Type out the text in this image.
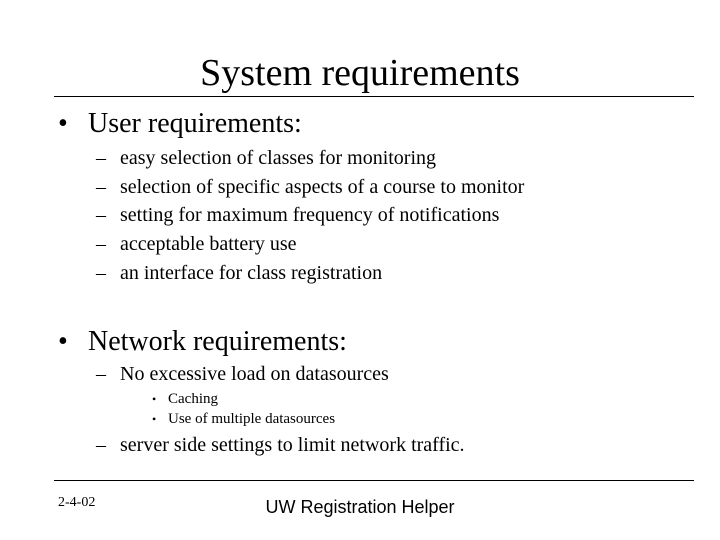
System requirements
• User requirements:
– easy selection of classes for monitoring
– selection of specific aspects of a course to monitor
– setting for maximum frequency of notifications
– acceptable battery use
– an interface for class registration
• Network requirements:
– No excessive load on datasources
• Caching
• Use of multiple datasources
– server side settings to limit network traffic.
2-4-02	UW Registration Helper
